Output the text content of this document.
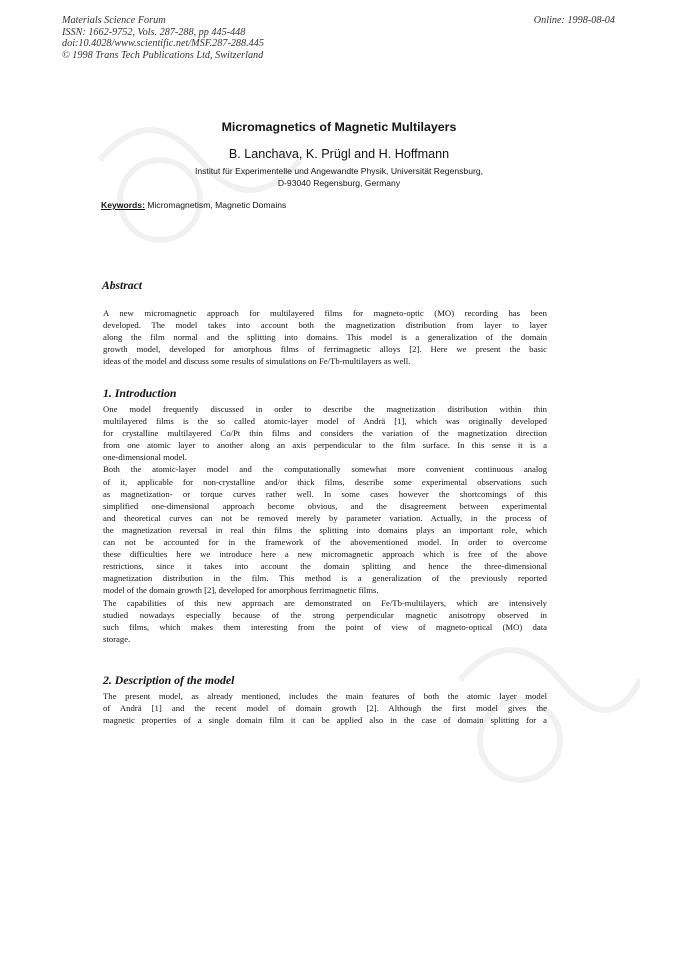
Materials Science Forum
ISSN: 1662-9752, Vols. 287-288, pp 445-448
doi:10.4028/www.scientific.net/MSF.287-288.445
© 1998 Trans Tech Publications Ltd, Switzerland
Online: 1998-08-04
Micromagnetics of Magnetic Multilayers
B. Lanchava, K. Prügl and H. Hoffmann
Institut für Experimentelle und Angewandte Physik, Universität Regensburg,
D-93040 Regensburg, Germany
Keywords: Micromagnetism, Magnetic Domains
Abstract
A new micromagnetic approach for multilayered films for magneto-optic (MO) recording has been
developed. The model takes into account both the magnetization distribution from layer to layer
along the film normal and the splitting into domains. This model is a generalization of the domain
growth model, developed for amorphous films of ferrimagnetic alloys [2]. Here we present the basic
ideas of the model and discuss some results of simulations on Fe/Tb-multilayers as well.
1. Introduction
One model frequently discussed in order to describe the magnetization distribution within thin
multilayered films is the so called atomic-layer model of Andrä [1], which was originally developed
for crystalline multilayered Co/Pt thin films and considers the variation of the magnetization direction
from one atomic layer to another along an axis perpendicular to the film surface. In this sense it is a
one-dimensional model.
Both the atomic-layer model and the computationally somewhat more convenient continuous analog
of it, applicable for non-crystalline and/or thick films, describe some experimental observations such
as magnetization- or torque curves rather well. In some cases however the shortcomings of this
simplified one-dimensional approach become obvious, and the disagreement between experimental
and theoretical curves can not be removed merely by parameter variation. Actually, in the process of
the magnetization reversal in real thin films the splitting into domains plays an important role, which
can not be accounted for in the framework of the abovementioned model. In order to overcome
these difficulties here we introduce here a new micromagnetic approach which is free of the above
restrictions, since it takes into account the domain splitting and hence the three-dimensional
magnetization distribution in the film. This method is a generalization of the previously reported
model of the domain growth [2], developed for amorphous ferrimagnetic films.
The capabilities of this new approach are demonstrated on Fe/Tb-multilayers, which are intensively
studied nowadays especially because of the strong perpendicular magnetic anisotropy observed in
such films, which makes them interesting from the point of view of magneto-optical (MO) data
storage.
2. Description of the model
The present model, as already mentioned, includes the main features of both the atomic layer model
of Andrä [1] and the recent model of domain growth [2]. Although the first model gives the
magnetic properties of a single domain film it can be applied also in the case of domain splitting for a
